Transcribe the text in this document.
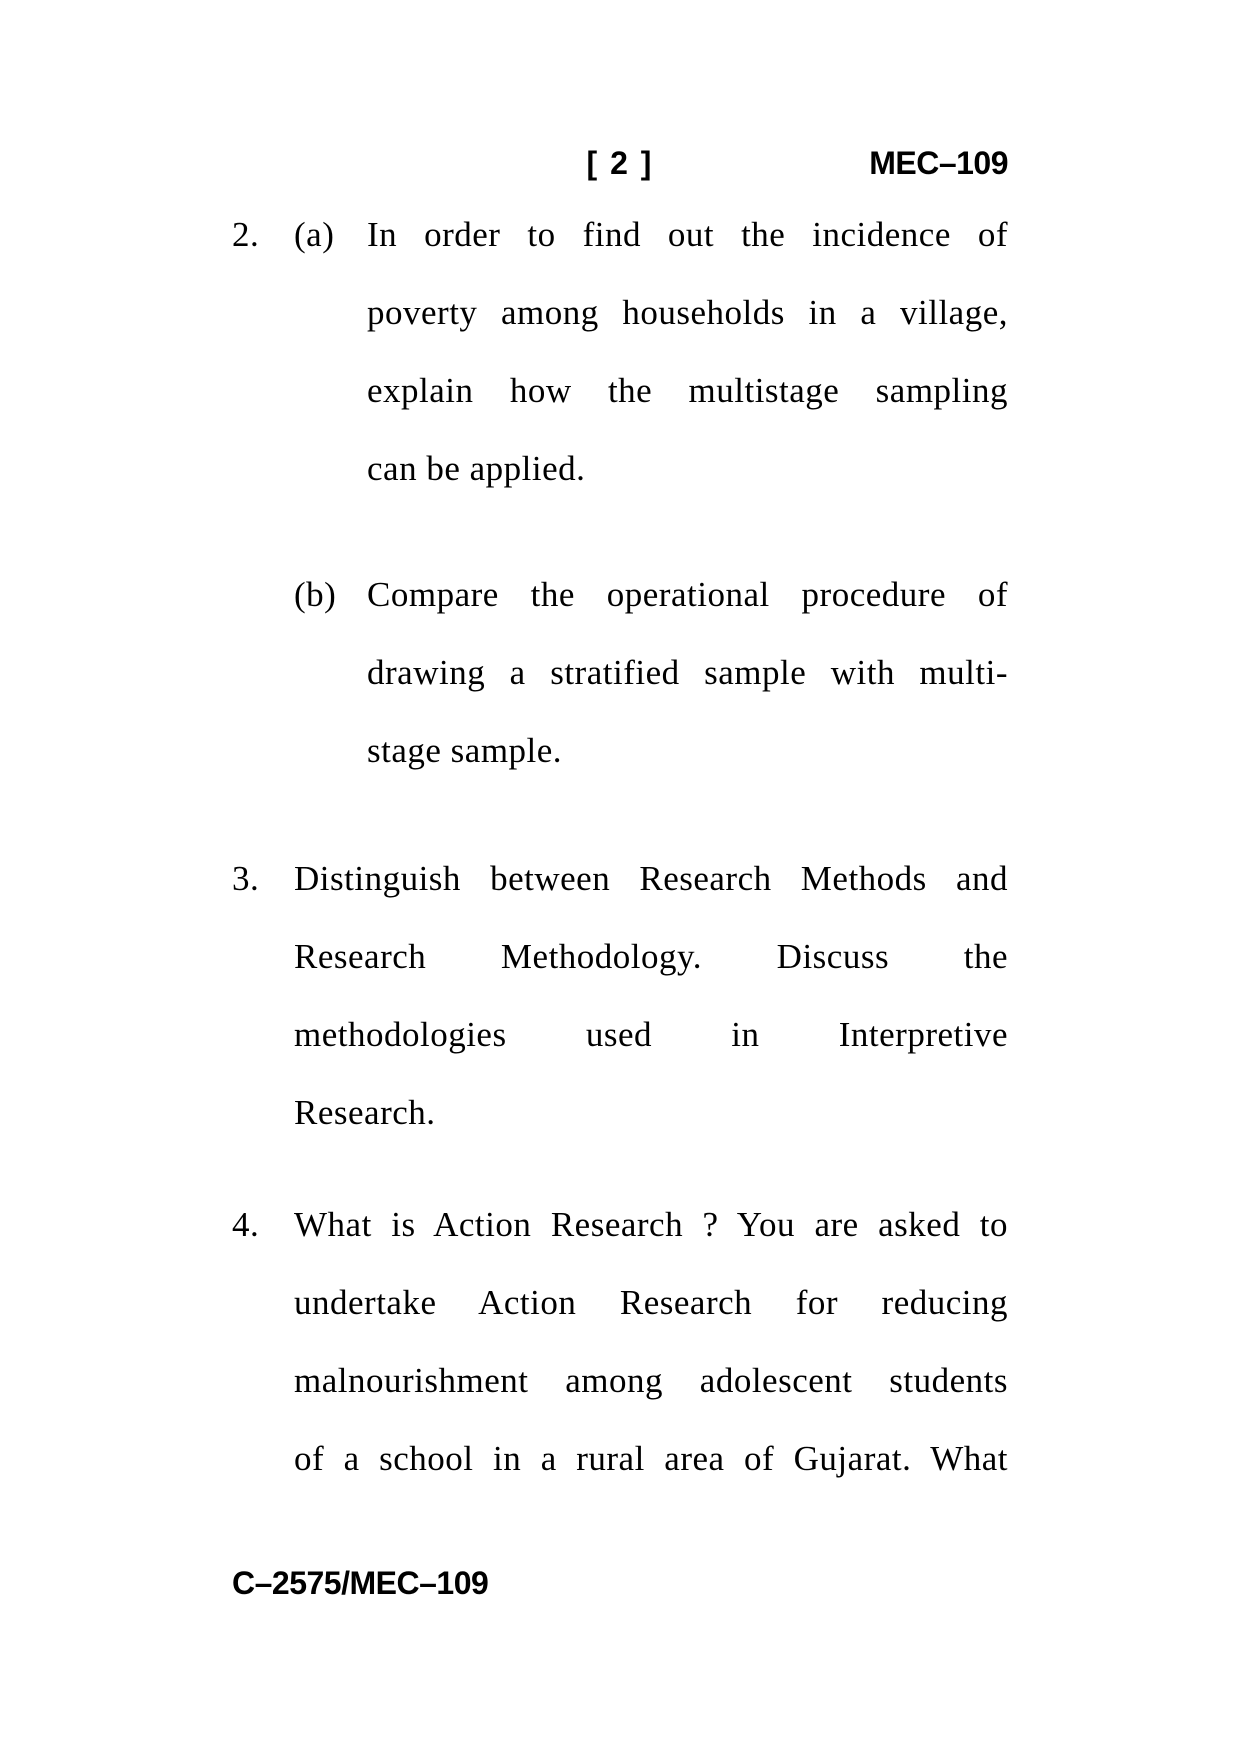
[ 2 ]	MEC–109
2. (a) In order to find out the incidence of
poverty among households in a village,
explain how the multistage sampling
can be applied.
(b) Compare the operational procedure of
drawing a stratified sample with multi-
stage sample.
3. Distinguish between Research Methods and
Research Methodology. Discuss the
methodologies used in Interpretive
Research.
4. What is Action Research ? You are asked to
undertake Action Research for reducing
malnourishment among adolescent students
of a school in a rural area of Gujarat. What
C–2575/MEC–109
